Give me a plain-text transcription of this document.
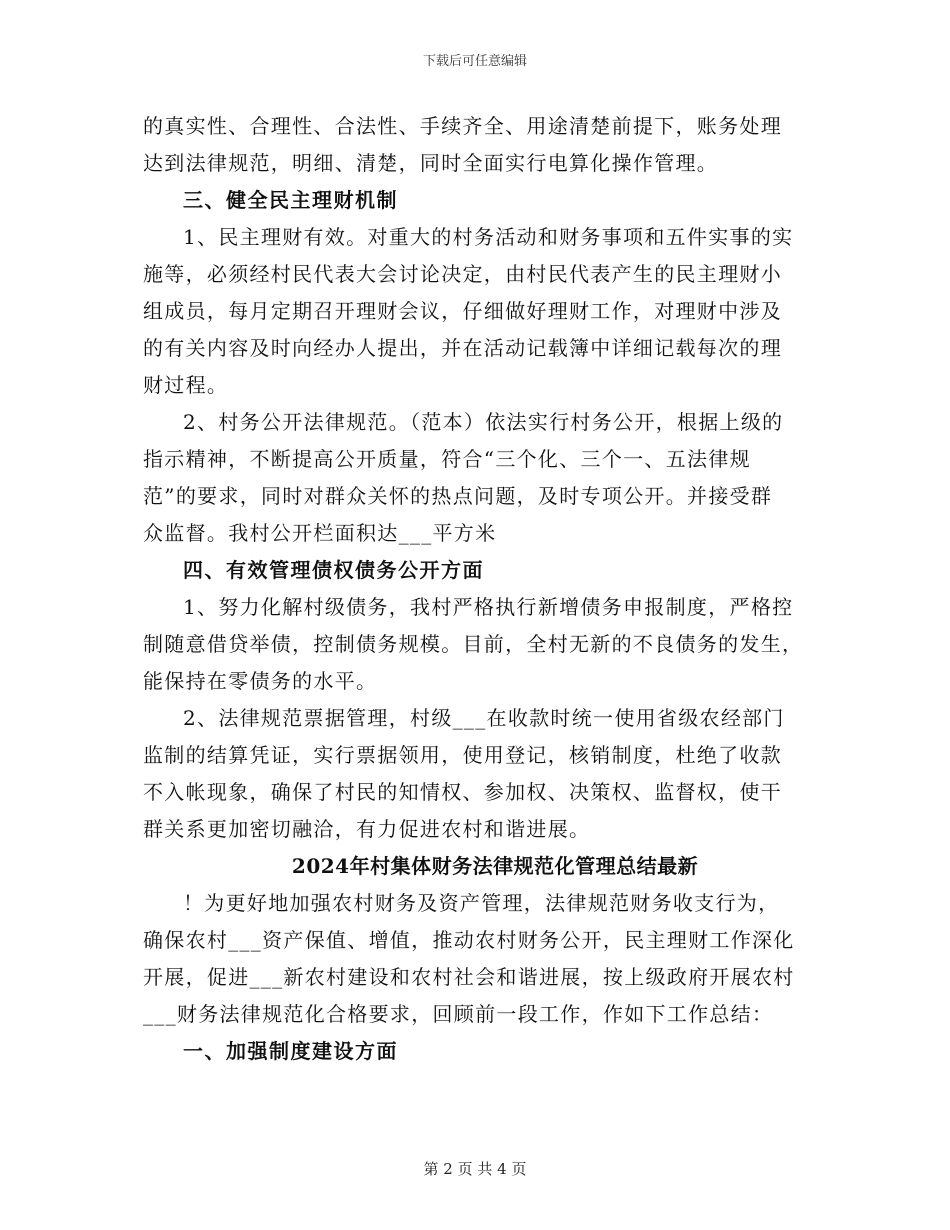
下载后可任意编辑
的真实性、合理性、合法性、手续齐全、用途清楚前提下，账务处理
达到法律规范，明细、清楚，同时全面实行电算化操作管理。
三、健全民主理财机制
1、民主理财有效。对重大的村务活动和财务事项和五件实事的实
施等，必须经村民代表大会讨论决定，由村民代表产生的民主理财小
组成员，每月定期召开理财会议，仔细做好理财工作，对理财中涉及
的有关内容及时向经办人提出，并在活动记载簿中详细记载每次的理
财过程。
2、村务公开法律规范。（范本）依法实行村务公开，根据上级的
指示精神，不断提高公开质量，符合“三个化、三个一、五法律规
范”的要求，同时对群众关怀的热点问题，及时专项公开。并接受群
众监督。我村公开栏面积达___平方米
四、有效管理债权债务公开方面
1、努力化解村级债务，我村严格执行新增债务申报制度，严格控
制随意借贷举债，控制债务规模。目前，全村无新的不良债务的发生，
能保持在零债务的水平。
2、法律规范票据管理，村级___在收款时统一使用省级农经部门
监制的结算凭证，实行票据领用，使用登记，核销制度，杜绝了收款
不入帐现象，确保了村民的知情权、参加权、决策权、监督权，使干
群关系更加密切融洽，有力促进农村和谐进展。
2024年村集体财务法律规范化管理总结最新
！为更好地加强农村财务及资产管理，法律规范财务收支行为，
确保农村___资产保值、增值，推动农村财务公开，民主理财工作深化
开展，促进___新农村建设和农村社会和谐进展，按上级政府开展农村
___财务法律规范化合格要求，回顾前一段工作，作如下工作总结：
一、加强制度建设方面
第 2 页 共 4 页
